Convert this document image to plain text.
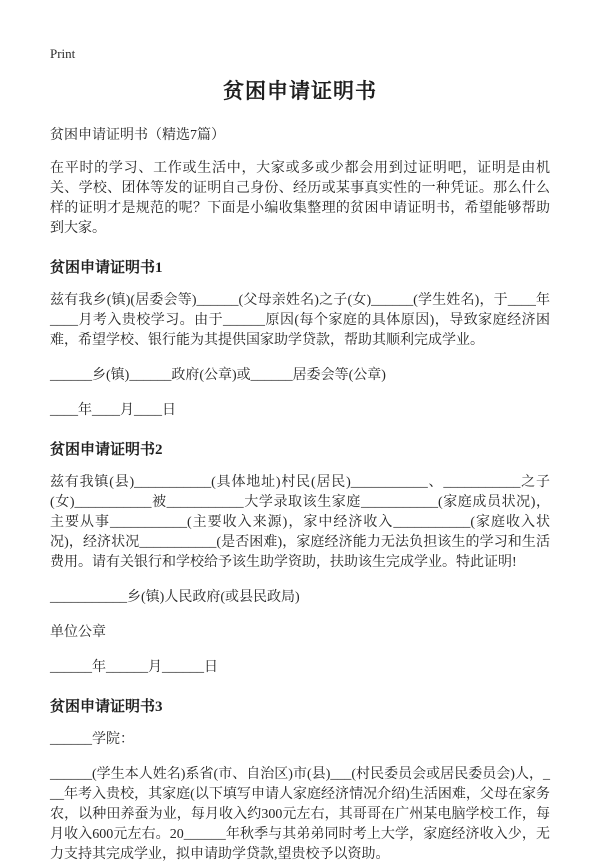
Print
贫困申请证明书

贫困申请证明书（精选7篇）

在平时的学习、工作或生活中，大家或多或少都会用到过证明吧，证明是由机关、学校、团体等发的证明自己身份、经历或某事真实性的一种凭证。那么什么样的证明才是规范的呢？下面是小编收集整理的贫困申请证明书，希望能够帮助到大家。

贫困申请证明书1

兹有我乡(镇)(居委会等)______(父母亲姓名)之子(女)______(学生姓名)，于____年____月考入贵校学习。由于______原因(每个家庭的具体原因)，导致家庭经济困难，希望学校、银行能为其提供国家助学贷款，帮助其顺利完成学业。

______乡(镇)______政府(公章)或______居委会等(公章)

____年____月____日

贫困申请证明书2

兹有我镇(县)___________(具体地址)村民(居民)___________、___________之子(女)___________被___________大学录取该生家庭___________(家庭成员状况)，主要从事___________(主要收入来源)，家中经济收入___________(家庭收入状况)，经济状况___________(是否困难)，家庭经济能力无法负担该生的学习和生活费用。请有关银行和学校给予该生助学资助，扶助该生完成学业。特此证明!

___________乡(镇)人民政府(或县民政局)

单位公章

______年______月______日

贫困申请证明书3

______学院：

______(学生本人姓名)系省(市、自治区)市(县)___(村民委员会或居民委员会)人，___年考入贵校，其家庭(以下填写申请人家庭经济情况介绍)生活困难，父母在家务农，以种田养蚕为业，每月收入约300元左右，其哥哥在广州某电脑学校工作，每月收入600元左右。20______年秋季与其弟弟同时考上大学，家庭经济收入少，无力支持其完成学业，拟申请助学贷款,望贵校予以资助。
